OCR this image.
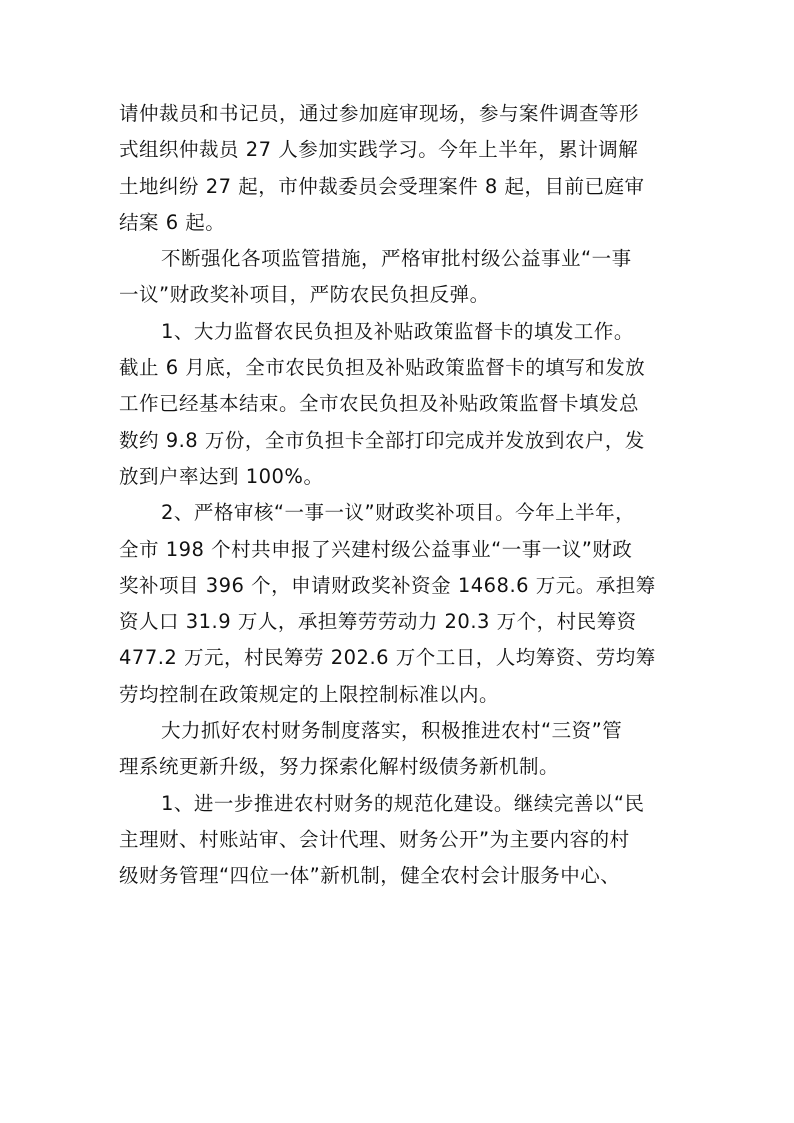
请仲裁员和书记员，通过参加庭审现场，参与案件调查等形
式组织仲裁员 27 人参加实践学习。今年上半年，累计调解
土地纠纷 27 起，市仲裁委员会受理案件 8 起，目前已庭审
结案 6 起。
不断强化各项监管措施，严格审批村级公益事业“一事
一议”财政奖补项目，严防农民负担反弹。
1、大力监督农民负担及补贴政策监督卡的填发工作。
截止 6 月底，全市农民负担及补贴政策监督卡的填写和发放
工作已经基本结束。全市农民负担及补贴政策监督卡填发总
数约 9.8 万份，全市负担卡全部打印完成并发放到农户，发
放到户率达到 100%。
2、严格审核“一事一议”财政奖补项目。今年上半年，
全市 198 个村共申报了兴建村级公益事业“一事一议”财政
奖补项目 396 个，申请财政奖补资金 1468.6 万元。承担筹
资人口 31.9 万人，承担筹劳劳动力 20.3 万个，村民筹资
477.2 万元，村民筹劳 202.6 万个工日，人均筹资、劳均筹
劳均控制在政策规定的上限控制标准以内。
大力抓好农村财务制度落实，积极推进农村“三资”管
理系统更新升级，努力探索化解村级债务新机制。
1、进一步推进农村财务的规范化建设。继续完善以“民
主理财、村账站审、会计代理、财务公开”为主要内容的村
级财务管理“四位一体”新机制，健全农村会计服务中心、
